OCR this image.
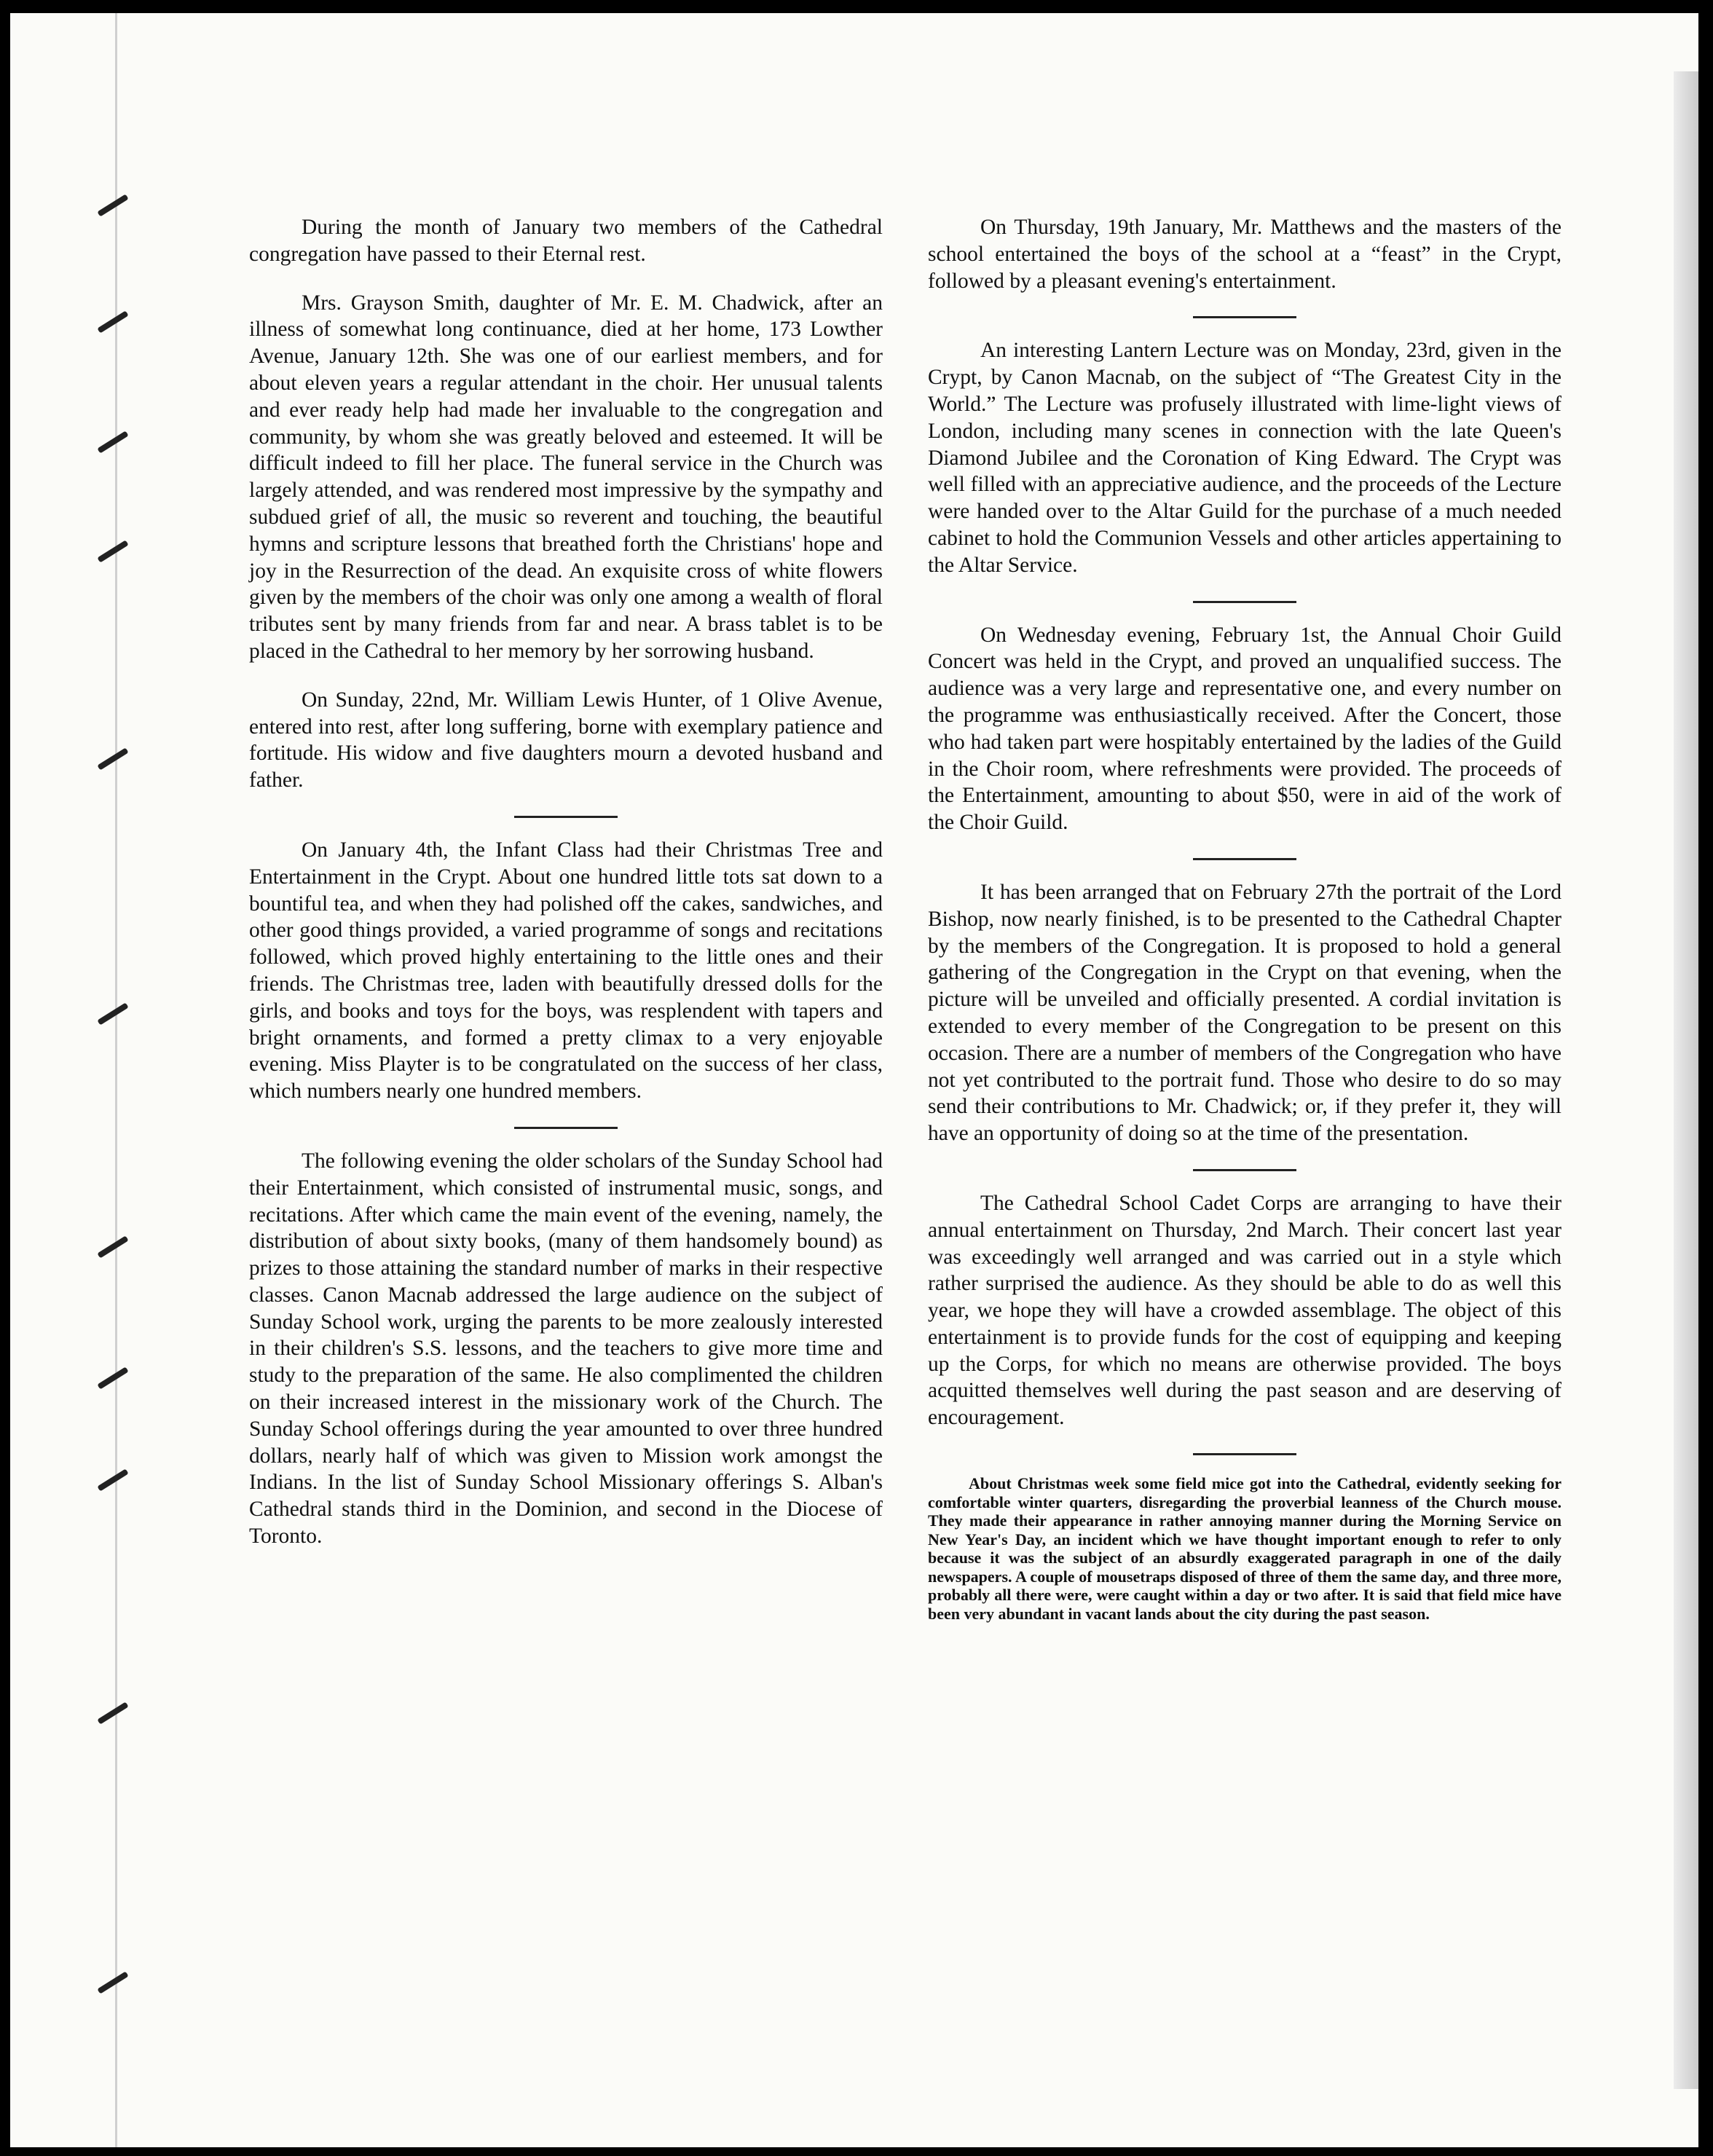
During the month of January two members of the Cathedral congregation have passed to their Eternal rest.

Mrs. Grayson Smith, daughter of Mr. E. M. Chadwick, after an illness of somewhat long continuance, died at her home, 173 Lowther Avenue, January 12th. She was one of our earliest members, and for about eleven years a regular attendant in the choir. Her unusual talents and ever ready help had made her invaluable to the congregation and community, by whom she was greatly beloved and esteemed. It will be difficult indeed to fill her place. The funeral service in the Church was largely attended, and was rendered most impressive by the sympathy and subdued grief of all, the music so reverent and touching, the beautiful hymns and scripture lessons that breathed forth the Christians' hope and joy in the Resurrection of the dead. An exquisite cross of white flowers given by the members of the choir was only one among a wealth of floral tributes sent by many friends from far and near. A brass tablet is to be placed in the Cathedral to her memory by her sorrowing husband.

On Sunday, 22nd, Mr. William Lewis Hunter, of 1 Olive Avenue, entered into rest, after long suffering, borne with exemplary patience and fortitude. His widow and five daughters mourn a devoted husband and father.

On January 4th, the Infant Class had their Christmas Tree and Entertainment in the Crypt. About one hundred little tots sat down to a bountiful tea, and when they had polished off the cakes, sandwiches, and other good things provided, a varied programme of songs and recitations followed, which proved highly entertaining to the little ones and their friends. The Christmas tree, laden with beautifully dressed dolls for the girls, and books and toys for the boys, was resplendent with tapers and bright ornaments, and formed a pretty climax to a very enjoyable evening. Miss Playter is to be congratulated on the success of her class, which numbers nearly one hundred members.

The following evening the older scholars of the Sunday School had their Entertainment, which consisted of instrumental music, songs, and recitations. After which came the main event of the evening, namely, the distribution of about sixty books, (many of them handsomely bound) as prizes to those attaining the standard number of marks in their respective classes. Canon Macnab addressed the large audience on the subject of Sunday School work, urging the parents to be more zealously interested in their children's S.S. lessons, and the teachers to give more time and study to the preparation of the same. He also complimented the children on their increased interest in the missionary work of the Church. The Sunday School offerings during the year amounted to over three hundred dollars, nearly half of which was given to Mission work amongst the Indians. In the list of Sunday School Missionary offerings S. Alban's Cathedral stands third in the Dominion, and second in the Diocese of Toronto.

On Thursday, 19th January, Mr. Matthews and the masters of the school entertained the boys of the school at a “feast” in the Crypt, followed by a pleasant evening's entertainment.

An interesting Lantern Lecture was on Monday, 23rd, given in the Crypt, by Canon Macnab, on the subject of “The Greatest City in the World.” The Lecture was profusely illustrated with lime-light views of London, including many scenes in connection with the late Queen's Diamond Jubilee and the Coronation of King Edward. The Crypt was well filled with an appreciative audience, and the proceeds of the Lecture were handed over to the Altar Guild for the purchase of a much needed cabinet to hold the Communion Vessels and other articles appertaining to the Altar Service.

On Wednesday evening, February 1st, the Annual Choir Guild Concert was held in the Crypt, and proved an unqualified success. The audience was a very large and representative one, and every number on the programme was enthusiastically received. After the Concert, those who had taken part were hospitably entertained by the ladies of the Guild in the Choir room, where refreshments were provided. The proceeds of the Entertainment, amounting to about $50, were in aid of the work of the Choir Guild.

It has been arranged that on February 27th the portrait of the Lord Bishop, now nearly finished, is to be presented to the Cathedral Chapter by the members of the Congregation. It is proposed to hold a general gathering of the Congregation in the Crypt on that evening, when the picture will be unveiled and officially presented. A cordial invitation is extended to every member of the Congregation to be present on this occasion. There are a number of members of the Congregation who have not yet contributed to the portrait fund. Those who desire to do so may send their contributions to Mr. Chadwick; or, if they prefer it, they will have an opportunity of doing so at the time of the presentation.

The Cathedral School Cadet Corps are arranging to have their annual entertainment on Thursday, 2nd March. Their concert last year was exceedingly well arranged and was carried out in a style which rather surprised the audience. As they should be able to do as well this year, we hope they will have a crowded assemblage. The object of this entertainment is to provide funds for the cost of equipping and keeping up the Corps, for which no means are otherwise provided. The boys acquitted themselves well during the past season and are deserving of encouragement.

About Christmas week some field mice got into the Cathedral, evidently seeking for comfortable winter quarters, disregarding the proverbial leanness of the Church mouse. They made their appearance in rather annoying manner during the Morning Service on New Year's Day, an incident which we have thought important enough to refer to only because it was the subject of an absurdly exaggerated paragraph in one of the daily newspapers. A couple of mousetraps disposed of three of them the same day, and three more, probably all there were, were caught within a day or two after. It is said that field mice have been very abundant in vacant lands about the city during the past season.
